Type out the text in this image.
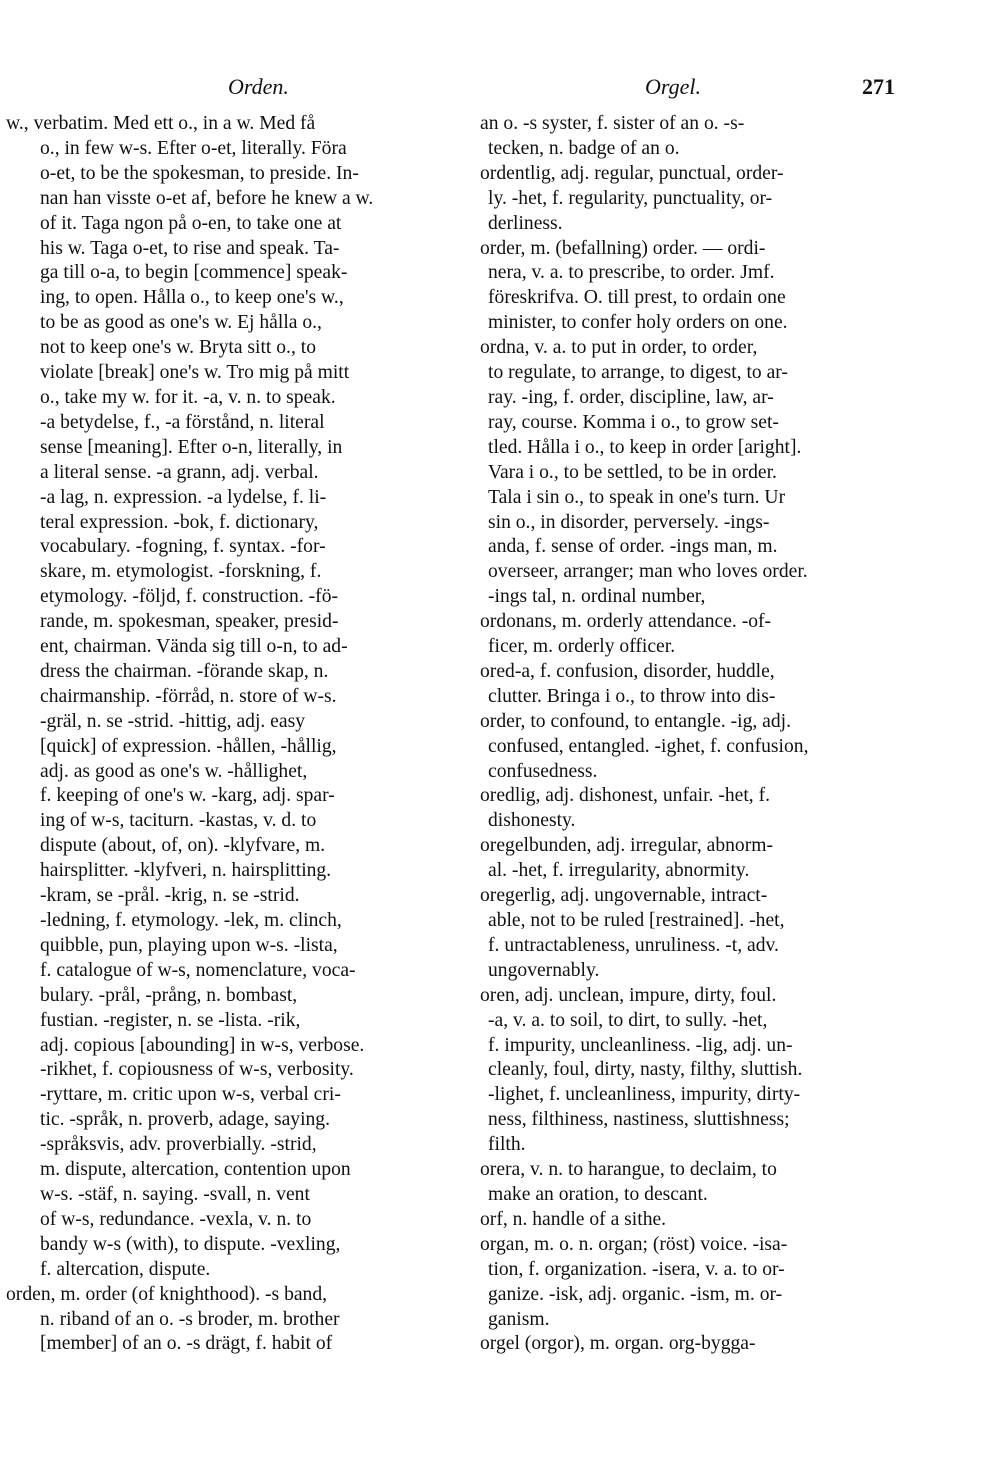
Orden.	Orgel.	271
w., verbatim. Med ett o., in a w. Med få
o., in few w-s. Efter o-et, literally. Föra
o-et, to be the spokesman, to preside. In-
nan han visste o-et af, before he knew a w.
of it. Taga ngon på o-en, to take one at
his w. Taga o-et, to rise and speak. Ta-
ga till o-a, to begin [commence] speak-
ing, to open. Hålla o., to keep one's w.,
to be as good as one's w. Ej hålla o.,
not to keep one's w. Bryta sitt o., to
violate [break] one's w. Tro mig på mitt
o., take my w. for it. -a, v. n. to speak.
-a betydelse, f., -a förstånd, n. literal
sense [meaning]. Efter o-n, literally, in
a literal sense. -a grann, adj. verbal.
-a lag, n. expression. -a lydelse, f. li-
teral expression. -bok, f. dictionary,
vocabulary. -fogning, f. syntax. -for-
skare, m. etymologist. -forskning, f.
etymology. -följd, f. construction. -fö-
rande, m. spokesman, speaker, presid-
ent, chairman. Vända sig till o-n, to ad-
dress the chairman. -förande skap, n.
chairmanship. -förråd, n. store of w-s.
-gräl, n. se -strid. -hittig, adj. easy
[quick] of expression. -hållen, -hållig,
adj. as good as one's w. -hållighet,
f. keeping of one's w. -karg, adj. spar-
ing of w-s, taciturn. -kastas, v. d. to
dispute (about, of, on). -klyfvare, m.
hairsplitter. -klyfveri, n. hairsplitting.
-kram, se -prål. -krig, n. se -strid.
-ledning, f. etymology. -lek, m. clinch,
quibble, pun, playing upon w-s. -lista,
f. catalogue of w-s, nomenclature, voca-
bulary. -prål, -prång, n. bombast,
fustian. -register, n. se -lista. -rik,
adj. copious [abounding] in w-s, verbose.
-rikhet, f. copiousness of w-s, verbosity.
-ryttare, m. critic upon w-s, verbal cri-
tic. -språk, n. proverb, adage, saying.
-språksvis, adv. proverbially. -strid,
m. dispute, altercation, contention upon
w-s. -stäf, n. saying. -svall, n. vent
of w-s, redundance. -vexla, v. n. to
bandy w-s (with), to dispute. -vexling,
f. altercation, dispute.
orden, m. order (of knighthood). -s band,
n. riband of an o. -s broder, m. brother
[member] of an o. -s drägt, f. habit of
an o. -s syster, f. sister of an o. -s-
tecken, n. badge of an o.
ordentlig, adj. regular, punctual, order-
ly. -het, f. regularity, punctuality, or-
derliness.
order, m. (befallning) order. — ordi-
nera, v. a. to prescribe, to order. Jmf.
föreskrifva. O. till prest, to ordain one
minister, to confer holy orders on one.
ordna, v. a. to put in order, to order,
to regulate, to arrange, to digest, to ar-
ray. -ing, f. order, discipline, law, ar-
ray, course. Komma i o., to grow set-
tled. Hålla i o., to keep in order [aright].
Vara i o., to be settled, to be in order.
Tala i sin o., to speak in one's turn. Ur
sin o., in disorder, perversely. -ings-
anda, f. sense of order. -ings man, m.
overseer, arranger; man who loves order.
-ings tal, n. ordinal number,
ordonans, m. orderly attendance. -of-
ficer, m. orderly officer.
ored-a, f. confusion, disorder, huddle,
clutter. Bringa i o., to throw into dis-
order, to confound, to entangle. -ig, adj.
confused, entangled. -ighet, f. confusion,
confusedness.
oredlig, adj. dishonest, unfair. -het, f.
dishonesty.
oregelbunden, adj. irregular, abnorm-
al. -het, f. irregularity, abnormity.
oregerlig, adj. ungovernable, intract-
able, not to be ruled [restrained]. -het,
f. untractableness, unruliness. -t, adv.
ungovernably.
oren, adj. unclean, impure, dirty, foul.
-a, v. a. to soil, to dirt, to sully. -het,
f. impurity, uncleanliness. -lig, adj. un-
cleanly, foul, dirty, nasty, filthy, sluttish.
-lighet, f. uncleanliness, impurity, dirty-
ness, filthiness, nastiness, sluttishness;
filth.
orera, v. n. to harangue, to declaim, to
make an oration, to descant.
orf, n. handle of a sithe.
organ, m. o. n. organ; (röst) voice. -isa-
tion, f. organization. -isera, v. a. to or-
ganize. -isk, adj. organic. -ism, m. or-
ganism.
orgel (orgor), m. organ. org-bygga-
